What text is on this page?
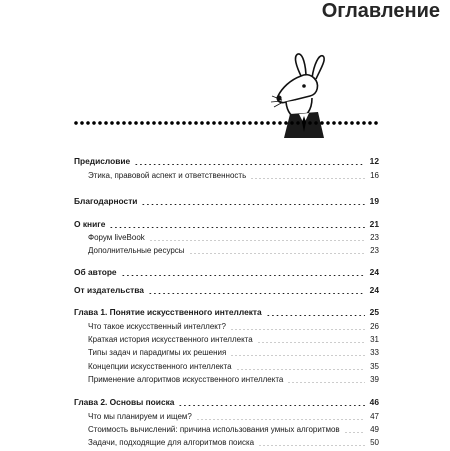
Оглавление
Предисловие	12
Этика, правовой аспект и ответственность	16
Благодарности	19
О книге	21
Форум liveBook	23
Дополнительные ресурсы	23
Об авторе	24
От издательства	24
Глава 1. Понятие искусственного интеллекта	25
Что такое искусственный интеллект?	26
Краткая история искусственного интеллекта	31
Типы задач и парадигмы их решения	33
Концепции искусственного интеллекта	35
Применение алгоритмов искусственного интеллекта	39
Глава 2. Основы поиска	46
Что мы планируем и ищем?	47
Стоимость вычислений: причина использования умных алгоритмов	49
Задачи, подходящие для алгоритмов поиска	50
